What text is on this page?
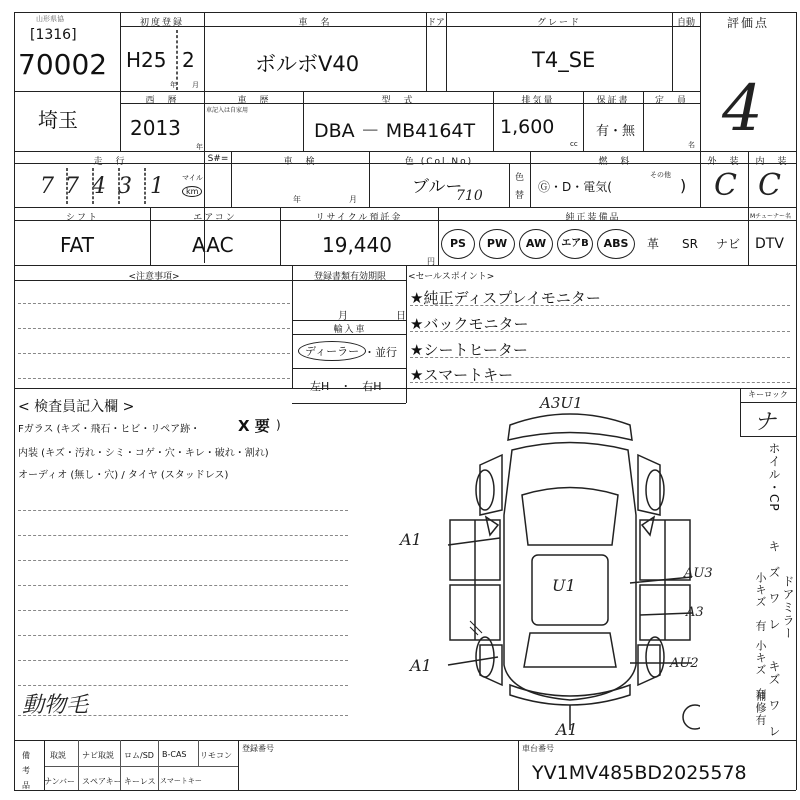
山形県協
[1316]
70002
初度登録
H25 2
年 月
車　名
ボルボV40
ドア	グレード
T4_SE
自動	評価点
4
埼玉
西　暦
2013
年
車　歴
車記入は自家用
型　式
DBA － MB4164T
排気量
1,600
cc
保証書
有・無
定　員
名
走　行
7 7 4 3 1	マイル
km
S#=	車　検
年	月
色 (Col.No)
ブルー
710
色
替
燃　料
Ⓖ・D・電気(
その他
)
外　装	内　装
C C
シフト
FAT
エアコン
AAC
リサイクル預託金
19,440
円
純正装備品
PS	PW	AW	エアB	ABS	革	SR	ナビ
Mチューナー名
DTV
<注意事項>	登録書類有効期限
月	日
輸入車
ディーラー ・並行
左H　・　右H
<セールスポイント>
★純正ディスプレイモニター
★バックモニター
★シートヒーター
★スマートキー
< 検査員記入欄 >
Fガラス (キズ・飛石・ヒビ・リペア跡・	X 要 )
内装 (キズ・汚れ・シミ・コゲ・穴・キレ・破れ・割れ)
オーディオ (無し・穴) / タイヤ (スタッドレス)
動物毛
A3U1
A1
U1
AU3
A3
A1	AU2
A1
キーロック
ナ
ホイル・CP
キ　ズ　ワ　レ
小キズ　有 ドアミラー
小キズ　有 キズ　ワ　レ
補修有
備考品
取説 ナビ取説 ロム/SD B-CAS リモコン
ナンバー スペアキー キーレス スマートキー
登録番号	車台番号
YV1MV485BD2025578
